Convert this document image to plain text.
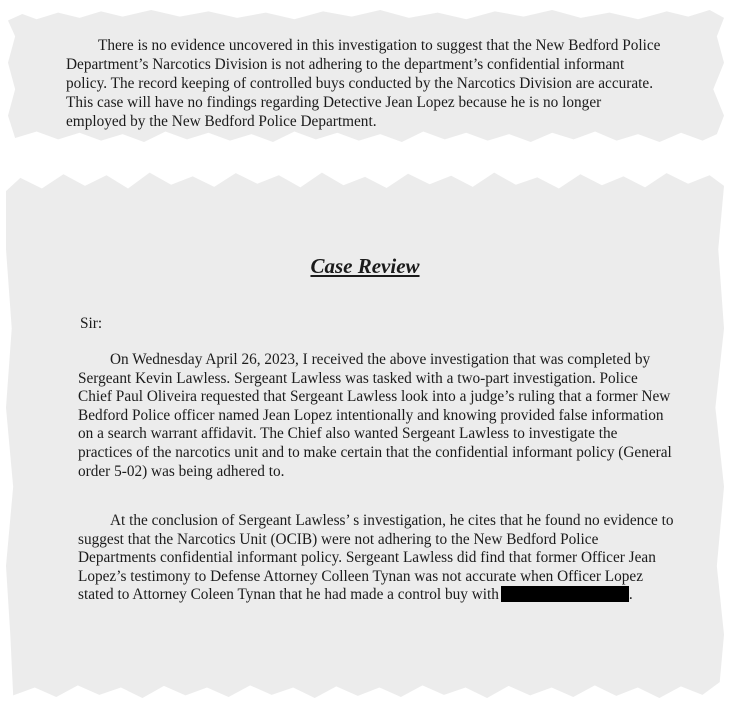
There is no evidence uncovered in this investigation to suggest that the New Bedford Police
Department’s Narcotics Division is not adhering to the department’s confidential informant
policy. The record keeping of controlled buys conducted by the Narcotics Division are accurate.
This case will have no findings regarding Detective Jean Lopez because he is no longer
employed by the New Bedford Police Department.

Case Review

Sir:

On Wednesday April 26, 2023, I received the above investigation that was completed by
Sergeant Kevin Lawless. Sergeant Lawless was tasked with a two-part investigation. Police
Chief Paul Oliveira requested that Sergeant Lawless look into a judge’s ruling that a former New
Bedford Police officer named Jean Lopez intentionally and knowing provided false information
on a search warrant affidavit. The Chief also wanted Sergeant Lawless to investigate the
practices of the narcotics unit and to make certain that the confidential informant policy (General
order 5-02) was being adhered to.

At the conclusion of Sergeant Lawless’ s investigation, he cites that he found no evidence to
suggest that the Narcotics Unit (OCIB) were not adhering to the New Bedford Police
Departments confidential informant policy. Sergeant Lawless did find that former Officer Jean
Lopez’s testimony to Defense Attorney Colleen Tynan was not accurate when Officer Lopez
stated to Attorney Coleen Tynan that he had made a control buy with	.
